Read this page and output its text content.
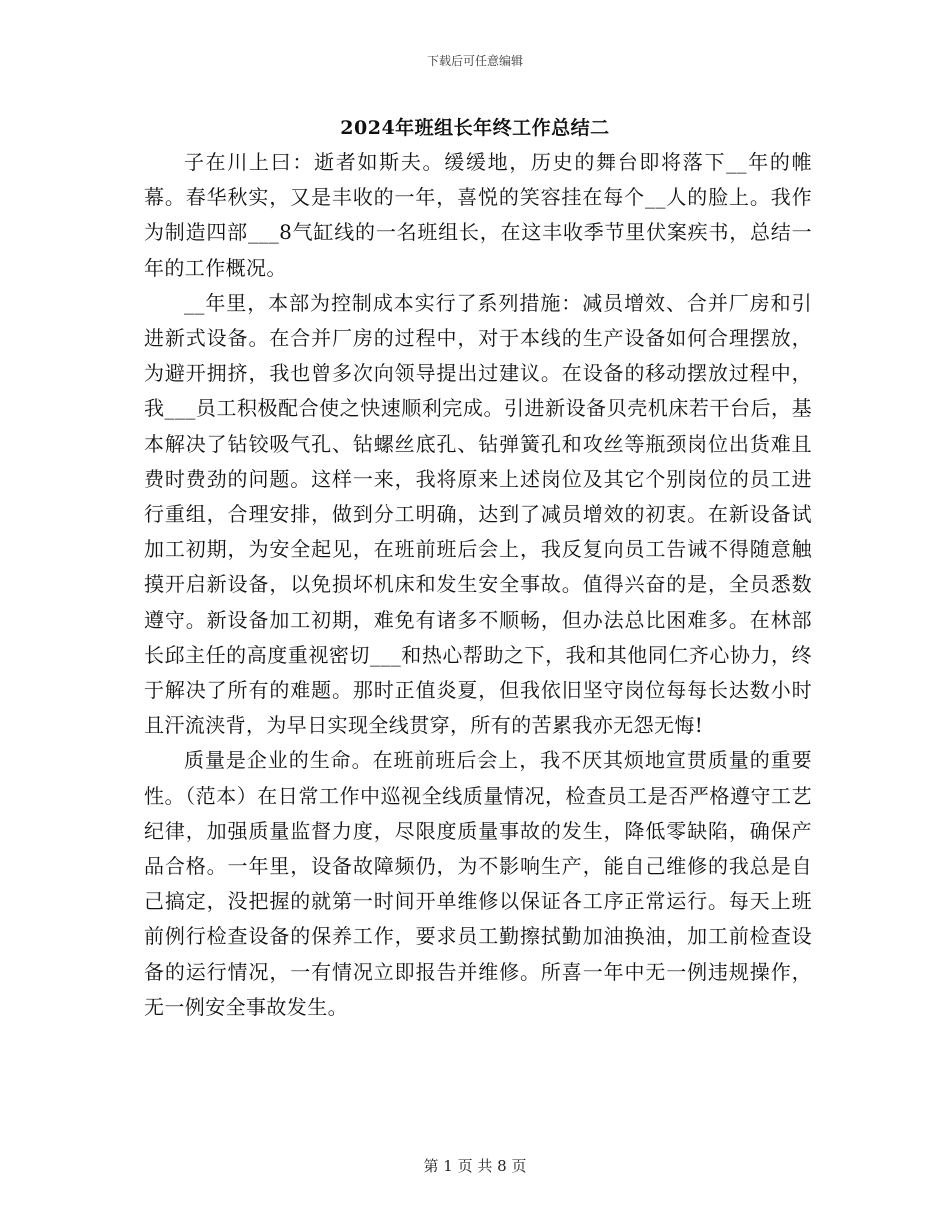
下载后可任意编辑
2024年班组长年终工作总结二

子在川上曰：逝者如斯夫。缓缓地，历史的舞台即将落下__年的帷幕。春华秋实，又是丰收的一年，喜悦的笑容挂在每个__人的脸上。我作为制造四部___8气缸线的一名班组长，在这丰收季节里伏案疾书，总结一年的工作概况。

__年里，本部为控制成本实行了系列措施：减员增效、合并厂房和引进新式设备。在合并厂房的过程中，对于本线的生产设备如何合理摆放，为避开拥挤，我也曾多次向领导提出过建议。在设备的移动摆放过程中，我___员工积极配合使之快速顺利完成。引进新设备贝壳机床若干台后，基本解决了钻铰吸气孔、钻螺丝底孔、钻弹簧孔和攻丝等瓶颈岗位出货难且费时费劲的问题。这样一来，我将原来上述岗位及其它个别岗位的员工进行重组，合理安排，做到分工明确，达到了减员增效的初衷。在新设备试加工初期，为安全起见，在班前班后会上，我反复向员工告诫不得随意触摸开启新设备，以免损坏机床和发生安全事故。值得兴奋的是，全员悉数遵守。新设备加工初期，难免有诸多不顺畅，但办法总比困难多。在林部长邱主任的高度重视密切___和热心帮助之下，我和其他同仁齐心协力，终于解决了所有的难题。那时正值炎夏，但我依旧坚守岗位每每长达数小时且汗流浃背，为早日实现全线贯穿，所有的苦累我亦无怨无悔!

质量是企业的生命。在班前班后会上，我不厌其烦地宣贯质量的重要性。（范本）在日常工作中巡视全线质量情况，检查员工是否严格遵守工艺纪律，加强质量监督力度，尽限度质量事故的发生，降低零缺陷，确保产品合格。一年里，设备故障频仍，为不影响生产，能自己维修的我总是自己搞定，没把握的就第一时间开单维修以保证各工序正常运行。每天上班前例行检查设备的保养工作，要求员工勤擦拭勤加油换油，加工前检查设备的运行情况，一有情况立即报告并维修。所喜一年中无一例违规操作，无一例安全事故发生。

第 1 页 共 8 页
